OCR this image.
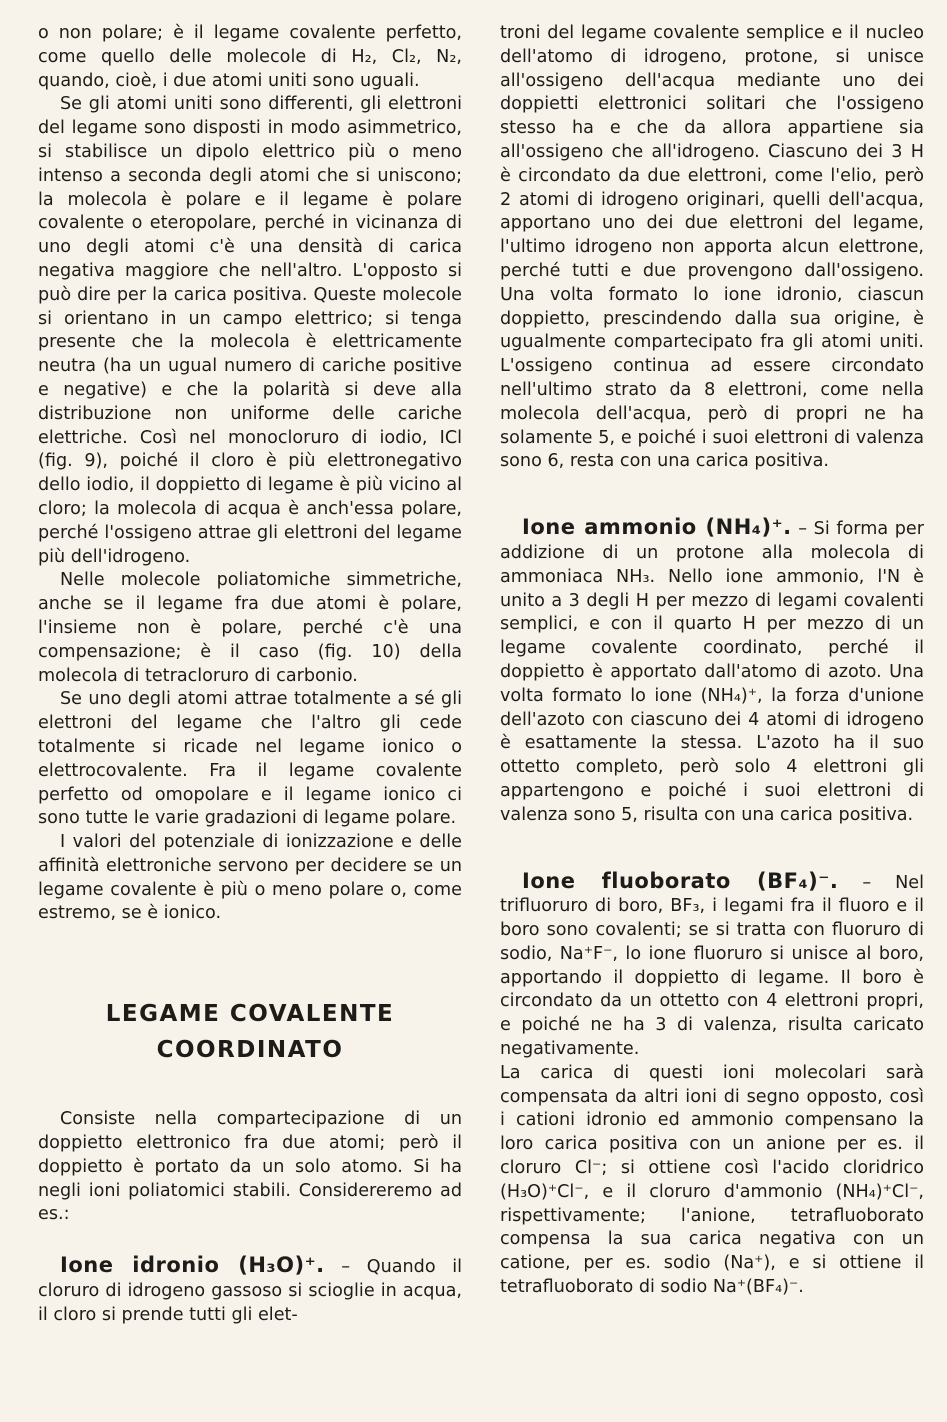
o non polare; è il legame covalente perfetto, come quello delle molecole di H₂, Cl₂, N₂, quando, cioè, i due atomi uniti sono uguali.

Se gli atomi uniti sono differenti, gli elettroni del legame sono disposti in modo asimmetrico, si stabilisce un dipolo elettrico più o meno intenso a seconda degli atomi che si uniscono; la molecola è polare e il legame è polare covalente o eteropolare, perché in vicinanza di uno degli atomi c'è una densità di carica negativa maggiore che nell'altro. L'opposto si può dire per la carica positiva. Queste molecole si orientano in un campo elettrico; si tenga presente che la molecola è elettricamente neutra (ha un ugual numero di cariche positive e negative) e che la polarità si deve alla distribuzione non uniforme delle cariche elettriche. Così nel monocloruro di iodio, ICl (fig. 9), poiché il cloro è più elettronegativo dello iodio, il doppietto di legame è più vicino al cloro; la molecola di acqua è anch'essa polare, perché l'ossigeno attrae gli elettroni del legame più dell'idrogeno.

Nelle molecole poliatomiche simmetriche, anche se il legame fra due atomi è polare, l'insieme non è polare, perché c'è una compensazione; è il caso (fig. 10) della molecola di tetracloruro di carbonio.

Se uno degli atomi attrae totalmente a sé gli elettroni del legame che l'altro gli cede totalmente si ricade nel legame ionico o elettrocovalente. Fra il legame covalente perfetto od omopolare e il legame ionico ci sono tutte le varie gradazioni di legame polare.

I valori del potenziale di ionizzazione e delle affinità elettroniche servono per decidere se un legame covalente è più o meno polare o, come estremo, se è ionico.

LEGAME COVALENTE
COORDINATO

Consiste nella compartecipazione di un doppietto elettronico fra due atomi; però il doppietto è portato da un solo atomo. Si ha negli ioni poliatomici stabili. Considereremo ad es.:

Ione idronio (H₃O)⁺. – Quando il cloruro di idrogeno gassoso si scioglie in acqua, il cloro si prende tutti gli elet-

troni del legame covalente semplice e il nucleo dell'atomo di idrogeno, protone, si unisce all'ossigeno dell'acqua mediante uno dei doppietti elettronici solitari che l'ossigeno stesso ha e che da allora appartiene sia all'ossigeno che all'idrogeno. Ciascuno dei 3 H è circondato da due elettroni, come l'elio, però 2 atomi di idrogeno originari, quelli dell'acqua, apportano uno dei due elettroni del legame, l'ultimo idrogeno non apporta alcun elettrone, perché tutti e due provengono dall'ossigeno. Una volta formato lo ione idronio, ciascun doppietto, prescindendo dalla sua origine, è ugualmente compartecipato fra gli atomi uniti. L'ossigeno continua ad essere circondato nell'ultimo strato da 8 elettroni, come nella molecola dell'acqua, però di propri ne ha solamente 5, e poiché i suoi elettroni di valenza sono 6, resta con una carica positiva.

Ione ammonio (NH₄)⁺. – Si forma per addizione di un protone alla molecola di ammoniaca NH₃. Nello ione ammonio, l'N è unito a 3 degli H per mezzo di legami covalenti semplici, e con il quarto H per mezzo di un legame covalente coordinato, perché il doppietto è apportato dall'atomo di azoto. Una volta formato lo ione (NH₄)⁺, la forza d'unione dell'azoto con ciascuno dei 4 atomi di idrogeno è esattamente la stessa. L'azoto ha il suo ottetto completo, però solo 4 elettroni gli appartengono e poiché i suoi elettroni di valenza sono 5, risulta con una carica positiva.

Ione fluoborato (BF₄)⁻. – Nel trifluoruro di boro, BF₃, i legami fra il fluoro e il boro sono covalenti; se si tratta con fluoruro di sodio, Na⁺F⁻, lo ione fluoruro si unisce al boro, apportando il doppietto di legame. Il boro è circondato da un ottetto con 4 elettroni propri, e poiché ne ha 3 di valenza, risulta caricato negativamente.

La carica di questi ioni molecolari sarà compensata da altri ioni di segno opposto, così i cationi idronio ed ammonio compensano la loro carica positiva con un anione per es. il cloruro Cl⁻; si ottiene così l'acido cloridrico (H₃O)⁺Cl⁻, e il cloruro d'ammonio (NH₄)⁺Cl⁻, rispettivamente; l'anione, tetrafluoborato compensa la sua carica negativa con un catione, per es. sodio (Na⁺), e si ottiene il tetrafluoborato di sodio Na⁺(BF₄)⁻.
